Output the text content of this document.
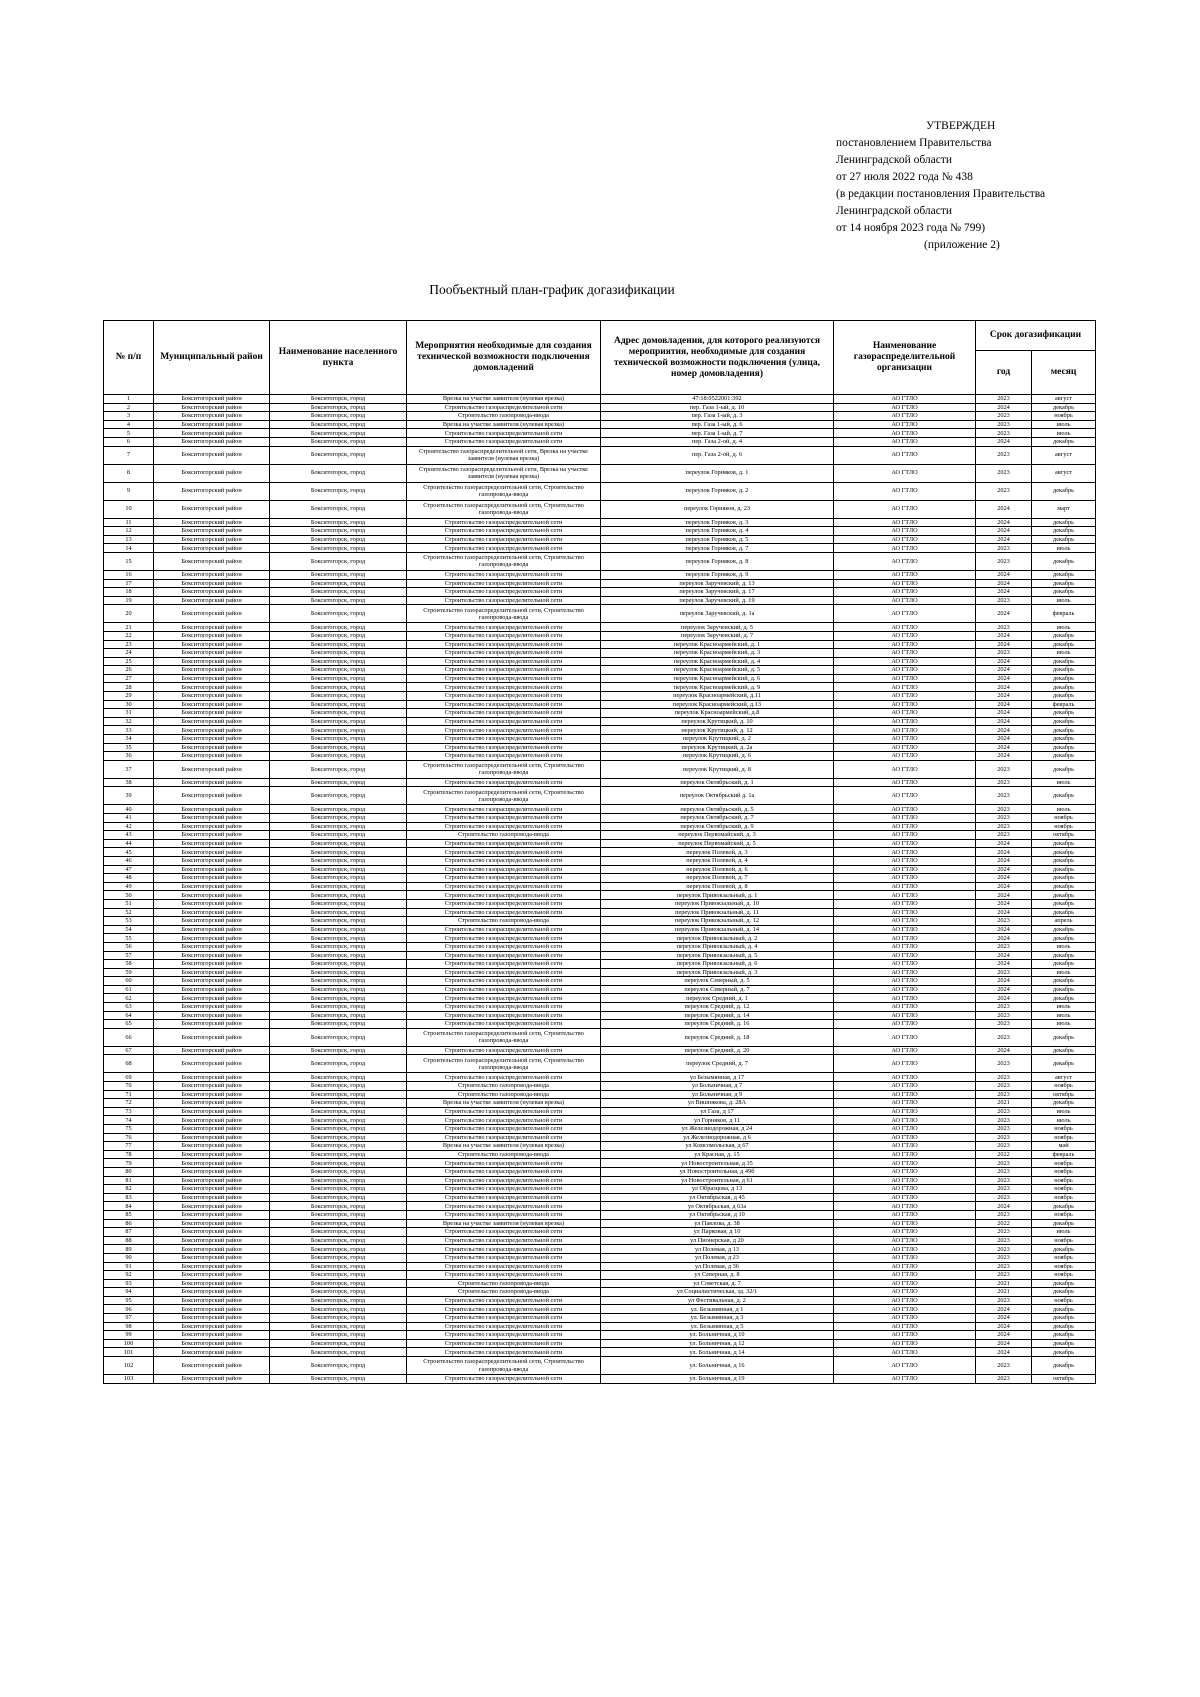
УТВЕРЖДЕН
постановлением Правительства
Ленинградской области
от 27 июля 2022 года № 438
(в редакции постановления Правительства
Ленинградской области
от 14 ноября 2023 года № 799)
(приложение 2)
Пообъектный план-график догазификации
№ п/п	Муниципальный район	Наименование населенного пункта	Мероприятия необходимые для создания технической возможности подключения домовладений	Адрес домовладения, для которого реализуются мероприятия, необходимые для создания технической возможности подключения (улица, номер домовладения)	Наименование газораспределительной организации	Срок догазификации	
						год	месяц
1	Бокситогорский район	Бокситогорск, город	Врезка на участке заявителя (нулевая врезка)	47:18:0522001:392	АО ГТЛО	2023	август
2	Бокситогорский район	Бокситогорск, город	Строительство газораспределительной сети	пер. Газа 1-ый, д. 10	АО ГТЛО	2024	декабрь
3	Бокситогорский район	Бокситогорск, город	Строительство газопровода-ввода	пер. Газа 1-ый, д. 3	АО ГТЛО	2023	ноябрь
4	Бокситогорский район	Бокситогорск, город	Врезка на участке заявителя (нулевая врезка)	пер. Газа 1-ый, д. 6	АО ГТЛО	2023	июль
5	Бокситогорский район	Бокситогорск, город	Строительство газораспределительной сети	пер. Газа 1-ый, д. 7	АО ГТЛО	2023	июль
6	Бокситогорский район	Бокситогорск, город	Строительство газораспределительной сети	пер. Газа 2-ой, д. 4	АО ГТЛО	2024	декабрь
7	Бокситогорский район	Бокситогорск, город	Строительство газораспределительной сети, Врезка на участке заявителя (нулевая врезка)	пер. Газа 2-ой, д. 6	АО ГТЛО	2023	август
8	Бокситогорский район	Бокситогорск, город	Строительство газораспределительной сети, Врезка на участке заявителя (нулевая врезка)	переулок Горняков, д. 1	АО ГТЛО	2023	август
9	Бокситогорский район	Бокситогорск, город	Строительство газораспределительной сети, Строительство газопровода-ввода	переулок Горняков, д. 2	АО ГТЛО	2023	декабрь
10	Бокситогорский район	Бокситогорск, город	Строительство газораспределительной сети, Строительство газопровода-ввода	переулок Горняков, д. 23	АО ГТЛО	2024	март
11	Бокситогорский район	Бокситогорск, город	Строительство газораспределительной сети	переулок Горняков, д. 3	АО ГТЛО	2024	декабрь
12	Бокситогорский район	Бокситогорск, город	Строительство газораспределительной сети	переулок Горняков, д. 4	АО ГТЛО	2024	декабрь
13	Бокситогорский район	Бокситогорск, город	Строительство газораспределительной сети	переулок Горняков, д. 5	АО ГТЛО	2024	декабрь
14	Бокситогорский район	Бокситогорск, город	Строительство газораспределительной сети	переулок Горняков, д. 7	АО ГТЛО	2023	июль
15	Бокситогорский район	Бокситогорск, город	Строительство газораспределительной сети, Строительство газопровода-ввода	переулок Горняков, д. 8	АО ГТЛО	2023	декабрь
16	Бокситогорский район	Бокситогорск, город	Строительство газораспределительной сети	переулок Горняков, д. 9	АО ГТЛО	2024	декабрь
17	Бокситогорский район	Бокситогорск, город	Строительство газораспределительной сети	переулок Заручевский, д. 13	АО ГТЛО	2024	декабрь
18	Бокситогорский район	Бокситогорск, город	Строительство газораспределительной сети	переулок Заручевский, д. 17	АО ГТЛО	2024	декабрь
19	Бокситогорский район	Бокситогорск, город	Строительство газораспределительной сети	переулок Заручевский, д. 19	АО ГТЛО	2023	июль
20	Бокситогорский район	Бокситогорск, город	Строительство газораспределительной сети, Строительство газопровода-ввода	переулок Заручевский, д. 1а	АО ГТЛО	2024	февраль
21	Бокситогорский район	Бокситогорск, город	Строительство газораспределительной сети	переулок Заручевский, д. 5	АО ГТЛО	2023	июль
22	Бокситогорский район	Бокситогорск, город	Строительство газораспределительной сети	переулок Заручевский, д. 7	АО ГТЛО	2024	декабрь
23	Бокситогорский район	Бокситогорск, город	Строительство газораспределительной сети	переулок Красноармейский, д. 1	АО ГТЛО	2024	декабрь
24	Бокситогорский район	Бокситогорск, город	Строительство газораспределительной сети	переулок Красноармейский, д. 3	АО ГТЛО	2023	июль
25	Бокситогорский район	Бокситогорск, город	Строительство газораспределительной сети	переулок Красноармейский, д. 4	АО ГТЛО	2024	декабрь
26	Бокситогорский район	Бокситогорск, город	Строительство газораспределительной сети	переулок Красноармейский, д. 5	АО ГТЛО	2024	декабрь
27	Бокситогорский район	Бокситогорск, город	Строительство газораспределительной сети	переулок Красноармейский, д. 6	АО ГТЛО	2024	декабрь
28	Бокситогорский район	Бокситогорск, город	Строительство газораспределительной сети	переулок Красноармейский, д. 9	АО ГТЛО	2024	декабрь
29	Бокситогорский район	Бокситогорск, город	Строительство газораспределительной сети	переулок Красноармейский, д.11	АО ГТЛО	2024	декабрь
30	Бокситогорский район	Бокситогорск, город	Строительство газораспределительной сети	переулок Красноармейский, д.13	АО ГТЛО	2024	февраль
31	Бокситогорский район	Бокситогорск, город	Строительство газораспределительной сети	переулок Красноармейский, д.8	АО ГТЛО	2024	декабрь
32	Бокситогорский район	Бокситогорск, город	Строительство газораспределительной сети	переулок Крутицкий, д. 10	АО ГТЛО	2024	декабрь
33	Бокситогорский район	Бокситогорск, город	Строительство газораспределительной сети	переулок Крутицкий, д. 12	АО ГТЛО	2024	декабрь
34	Бокситогорский район	Бокситогорск, город	Строительство газораспределительной сети	переулок Крутицкий, д. 2	АО ГТЛО	2024	декабрь
35	Бокситогорский район	Бокситогорск, город	Строительство газораспределительной сети	переулок Крутицкий, д. 2а	АО ГТЛО	2024	декабрь
36	Бокситогорский район	Бокситогорск, город	Строительство газораспределительной сети	переулок Крутицкий, д. 6	АО ГТЛО	2024	декабрь
37	Бокситогорский район	Бокситогорск, город	Строительство газораспределительной сети, Строительство газопровода-ввода	переулок Крутицкий, д. 8	АО ГТЛО	2023	декабрь
38	Бокситогорский район	Бокситогорск, город	Строительство газораспределительной сети	переулок Октябрьский, д. 1	АО ГТЛО	2023	июль
39	Бокситогорский район	Бокситогорск, город	Строительство газораспределительной сети, Строительство газопровода-ввода	переулок Октябрьский д. 1а	АО ГТЛО	2023	декабрь
40	Бокситогорский район	Бокситогорск, город	Строительство газораспределительной сети	переулок Октябрьский, д. 5	АО ГТЛО	2023	июль
41	Бокситогорский район	Бокситогорск, город	Строительство газораспределительной сети	переулок Октябрьский, д. 7	АО ГТЛО	2023	ноябрь
42	Бокситогорский район	Бокситогорск, город	Строительство газораспределительной сети	переулок Октябрьский, д. 9	АО ГТЛО	2023	ноябрь
43	Бокситогорский район	Бокситогорск, город	Строительство газопровода-ввода	переулок Первомайский, д. 3	АО ГТЛО	2023	октябрь
44	Бокситогорский район	Бокситогорск, город	Строительство газораспределительной сети	переулок Первомайский, д. 5	АО ГТЛО	2024	декабрь
45	Бокситогорский район	Бокситогорск, город	Строительство газораспределительной сети	переулок Полевой, д. 3	АО ГТЛО	2024	декабрь
46	Бокситогорский район	Бокситогорск, город	Строительство газораспределительной сети	переулок Полевой, д. 4	АО ГТЛО	2024	декабрь
47	Бокситогорский район	Бокситогорск, город	Строительство газораспределительной сети	переулок Полевой, д. 6	АО ГТЛО	2024	декабрь
48	Бокситогорский район	Бокситогорск, город	Строительство газораспределительной сети	переулок Полевой, д. 7	АО ГТЛО	2024	декабрь
49	Бокситогорский район	Бокситогорск, город	Строительство газораспределительной сети	переулок Полевой, д. 8	АО ГТЛО	2024	декабрь
50	Бокситогорский район	Бокситогорск, город	Строительство газораспределительной сети	переулок Привокзальный, д. 1	АО ГТЛО	2024	декабрь
51	Бокситогорский район	Бокситогорск, город	Строительство газораспределительной сети	переулок Привокзальный, д. 10	АО ГТЛО	2024	декабрь
52	Бокситогорский район	Бокситогорск, город	Строительство газораспределительной сети	переулок Привокзальный, д. 11	АО ГТЛО	2024	декабрь
53	Бокситогорский район	Бокситогорск, город	Строительство газопровода-ввода	переулок Привокзальный, д. 12	АО ГТЛО	2023	апрель
54	Бокситогорский район	Бокситогорск, город	Строительство газораспределительной сети	переулок Привокзальный, д. 14	АО ГТЛО	2024	декабрь
55	Бокситогорский район	Бокситогорск, город	Строительство газораспределительной сети	переулок Привокзальный, д. 2	АО ГТЛО	2024	декабрь
56	Бокситогорский район	Бокситогорск, город	Строительство газораспределительной сети	переулок Привокзальный, д. 4	АО ГТЛО	2023	июль
57	Бокситогорский район	Бокситогорск, город	Строительство газораспределительной сети	переулок Привокзальный, д. 5	АО ГТЛО	2024	декабрь
58	Бокситогорский район	Бокситогорск, город	Строительство газораспределительной сети	переулок Привокзальный, д. 6	АО ГТЛО	2024	декабрь
59	Бокситогорский район	Бокситогорск, город	Строительство газораспределительной сети	переулок Привокзальный, д. 3	АО ГТЛО	2023	июль
60	Бокситогорский район	Бокситогорск, город	Строительство газораспределительной сети	переулок Северный, д. 5	АО ГТЛО	2024	декабрь
61	Бокситогорский район	Бокситогорск, город	Строительство газораспределительной сети	переулок Северный, д. 7	АО ГТЛО	2024	декабрь
62	Бокситогорский район	Бокситогорск, город	Строительство газораспределительной сети	переулок Средний, д. 1	АО ГТЛО	2024	декабрь
63	Бокситогорский район	Бокситогорск, город	Строительство газораспределительной сети	переулок Средний, д. 12	АО ГТЛО	2023	июль
64	Бокситогорский район	Бокситогорск, город	Строительство газораспределительной сети	переулок Средний, д. 14	АО ГТЛО	2023	июль
65	Бокситогорский район	Бокситогорск, город	Строительство газораспределительной сети	переулок Средний, д. 16	АО ГТЛО	2023	июль
66	Бокситогорский район	Бокситогорск, город	Строительство газораспределительной сети, Строительство газопровода-ввода	переулок Средний, д. 18	АО ГТЛО	2023	декабрь
67	Бокситогорский район	Бокситогорск, город	Строительство газораспределительной сети	переулок Средний, д. 20	АО ГТЛО	2024	декабрь
68	Бокситогорский район	Бокситогорск, город	Строительство газораспределительной сети, Строительство газопровода-ввода	переулок Средний, д. 7	АО ГТЛО	2023	декабрь
69	Бокситогорский район	Бокситогорск, город	Строительство газораспределительной сети	ул Безымянная, д 17	АО ГТЛО	2023	август
70	Бокситогорский район	Бокситогорск, город	Строительство газопровода-ввода	ул Больничная, д 7	АО ГТЛО	2023	ноябрь
71	Бокситогорский район	Бокситогорск, город	Строительство газопровода-ввода	ул Больничная, д 9	АО ГТЛО	2023	октябрь
72	Бокситогорский район	Бокситогорск, город	Врезка на участке заявителя (нулевая врезка)	ул Вишнякова, д. 28А	АО ГТЛО	2021	декабрь
73	Бокситогорский район	Бокситогорск, город	Строительство газораспределительной сети	ул Газа, д 17	АО ГТЛО	2023	июль
74	Бокситогорский район	Бокситогорск, город	Строительство газораспределительной сети	ул Горняков, д 11	АО ГТЛО	2023	июль
75	Бокситогорский район	Бокситогорск, город	Строительство газораспределительной сети	ул Железнодорожная, д 24	АО ГТЛО	2023	ноябрь
76	Бокситогорский район	Бокситогорск, город	Строительство газораспределительной сети	ул Железнодорожная, д 6	АО ГТЛО	2023	ноябрь
77	Бокситогорский район	Бокситогорск, город	Врезка на участке заявителя (нулевая врезка)	ул Комсомольская, д 67	АО ГТЛО	2023	май
78	Бокситогорский район	Бокситогорск, город	Строительство газопровода-ввода	ул Красная, д. 15	АО ГТЛО	2022	февраль
79	Бокситогорский район	Бокситогорск, город	Строительство газораспределительной сети	ул Новостроительная, д 35	АО ГТЛО	2023	ноябрь
80	Бокситогорский район	Бокситогорск, город	Строительство газораспределительной сети	ул Новостроительная, д 49б	АО ГТЛО	2023	ноябрь
81	Бокситогорский район	Бокситогорск, город	Строительство газораспределительной сети	ул Новостроительная, д 61	АО ГТЛО	2023	ноябрь
82	Бокситогорский район	Бокситогорск, город	Строительство газораспределительной сети	ул Образцова, д 13	АО ГТЛО	2023	ноябрь
83	Бокситогорский район	Бокситогорск, город	Строительство газораспределительной сети	ул Октябрьская, д 45	АО ГТЛО	2023	ноябрь
84	Бокситогорский район	Бокситогорск, город	Строительство газораспределительной сети	ул Октябрьская, д 63а	АО ГТЛО	2024	декабрь
85	Бокситогорский район	Бокситогорск, город	Строительство газораспределительной сети	ул Октябрьская, д 10	АО ГТЛО	2023	ноябрь
86	Бокситогорский район	Бокситогорск, город	Врезка на участке заявителя (нулевая врезка)	ул Павлова, д. 38	АО ГТЛО	2022	декабрь
87	Бокситогорский район	Бокситогорск, город	Строительство газораспределительной сети	ул Парковая, д 10	АО ГТЛО	2023	июль
88	Бокситогорский район	Бокситогорск, город	Строительство газораспределительной сети	ул Пионерская, д 20	АО ГТЛО	2023	ноябрь
89	Бокситогорский район	Бокситогорск, город	Строительство газораспределительной сети	ул Полевая, д 13	АО ГТЛО	2023	декабрь
90	Бокситогорский район	Бокситогорск, город	Строительство газораспределительной сети	ул Полевая, д 23	АО ГТЛО	2023	ноябрь
91	Бокситогорский район	Бокситогорск, город	Строительство газораспределительной сети	ул Полевая, д 36	АО ГТЛО	2023	ноябрь
92	Бокситогорский район	Бокситогорск, город	Строительство газораспределительной сети	ул Северная, д. 8	АО ГТЛО	2023	ноябрь
93	Бокситогорский район	Бокситогорск, город	Строительство газопровода-ввода	ул Советская, д. 7	АО ГТЛО	2021	декабрь
94	Бокситогорский район	Бокситогорск, город	Строительство газопровода-ввода	ул Социалистическая, зд. 32/1	АО ГТЛО	2021	декабрь
95	Бокситогорский район	Бокситогорск, город	Строительство газораспределительной сети	ул Фестивальная, д. 2	АО ГТЛО	2023	ноябрь
96	Бокситогорский район	Бокситогорск, город	Строительство газораспределительной сети	ул. Безымянная, д 1	АО ГТЛО	2024	декабрь
97	Бокситогорский район	Бокситогорск, город	Строительство газораспределительной сети	ул. Безымянная, д 3	АО ГТЛО	2024	декабрь
98	Бокситогорский район	Бокситогорск, город	Строительство газораспределительной сети	ул. Безымянная, д 5	АО ГТЛО	2024	декабрь
99	Бокситогорский район	Бокситогорск, город	Строительство газораспределительной сети	ул. Больничная, д 10	АО ГТЛО	2024	декабрь
100	Бокситогорский район	Бокситогорск, город	Строительство газораспределительной сети	ул. Больничная, д 12	АО ГТЛО	2024	декабрь
101	Бокситогорский район	Бокситогорск, город	Строительство газораспределительной сети	ул. Больничная, д 14	АО ГТЛО	2024	декабрь
102	Бокситогорский район	Бокситогорск, город	Строительство газораспределительной сети, Строительство газопровода-ввода	ул. Больничная, д 16	АО ГТЛО	2023	декабрь
103	Бокситогорский район	Бокситогорск, город	Строительство газораспределительной сети	ул. Больничная, д 19	АО ГТЛО	2023	октябрь
